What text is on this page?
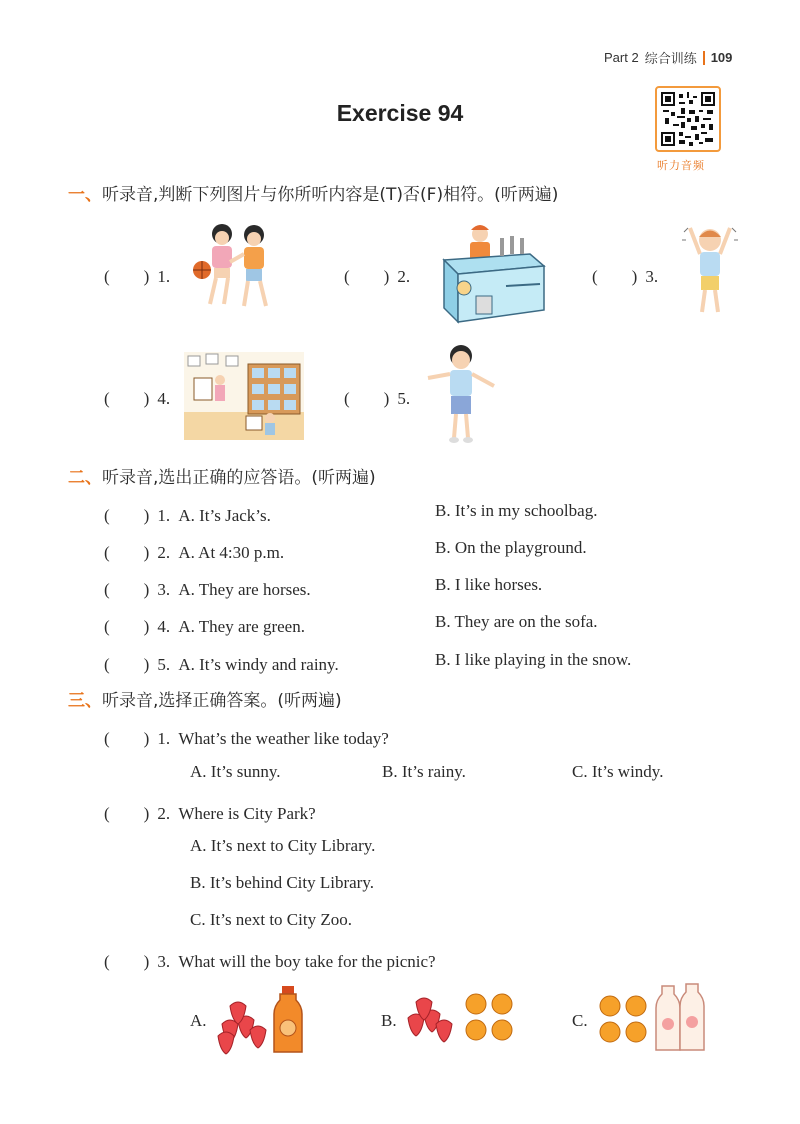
Part 2 综合训练 109
Exercise 94
听力音频
一、听录音,判断下列图片与你所听内容是(T)否(F)相符。(听两遍)
(　　) 1.	(　　) 2.	(　　) 3.
(　　) 4.	(　　) 5.
二、听录音,选出正确的应答语。(听两遍)
(　　) 1. A. It’s Jack’s.	B. It’s in my schoolbag.
(　　) 2. A. At 4:30 p.m.	B. On the playground.
(　　) 3. A. They are horses.	B. I like horses.
(　　) 4. A. They are green.	B. They are on the sofa.
(　　) 5. A. It’s windy and rainy.	B. I like playing in the snow.
三、听录音,选择正确答案。(听两遍)
(　　) 1. What’s the weather like today?
A. It’s sunny.	B. It’s rainy.	C. It’s windy.
(　　) 2. Where is City Park?
A. It’s next to City Library.
B. It’s behind City Library.
C. It’s next to City Zoo.
(　　) 3. What will the boy take for the picnic?
A.	B.	C.
